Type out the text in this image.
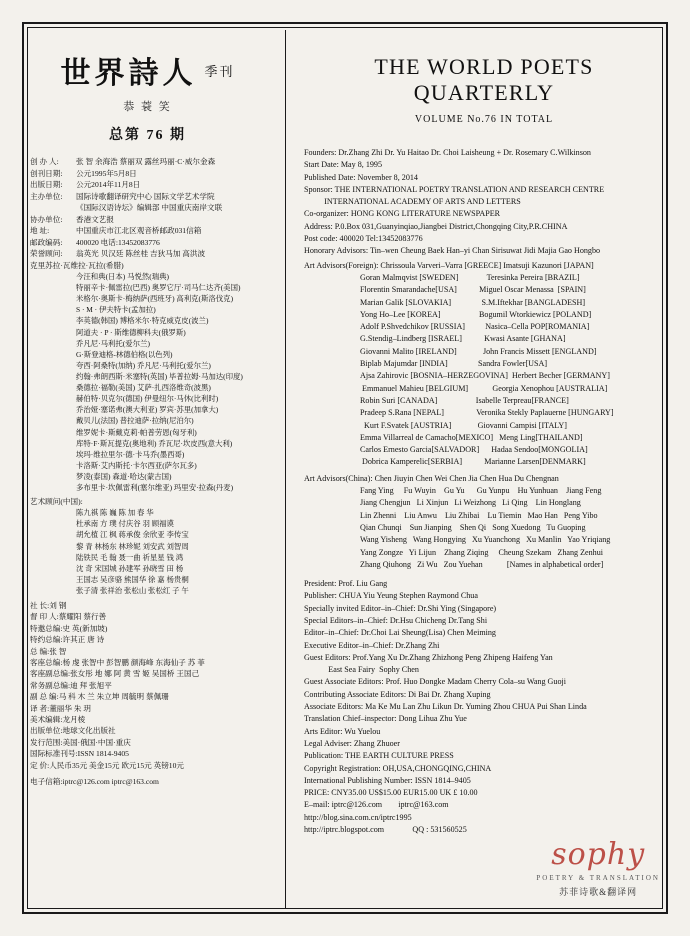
世界詩人 季刊
恭 蓑 笑
总第 76 期
创 办 人:	张 智 余海浩 蔡丽双 露丝玛丽·C·威尔金森
创刊日期:	公元1995年5月8日
出版日期:	公元2014年11月8日
主办单位:	国际诗歌翻译研究中心 国际文学艺术学院
《国际汉语诗坛》编辑部 中国重庆南岸文联
协办单位:	香港文艺报
地 址:	中国重庆市江北区观音桥邮政031信箱
邮政编码:	400020 电话:13452083776
荣誉顾问:	翁英光 贝汉廷 陈丝桂 吉狄马加 高洪波
克里苏拉·瓦维拉·瓦拉(希腊)
今汪和典(日本) 马悦然(瑞典)
特丽辛卡·佩雷拉(巴西) 奥罗它厅·司马仁达齐(美国)
米格尔·奥斯卡·梅纳萨(西班牙) 高利克(斯洛伐克)
S · M · 伊夫特卡(孟加拉)
李英德(韩国) 博格米尔·特克威克皮(波兰)
阿道夫 · P · 斯维德柳科夫(俄罗斯)
乔凡尼·马利托(爱尔兰)
G·斯登迪格-林德伯格(以色列)
夸西·阿桑特(加纳) 乔凡尼·马利托(爱尔兰)
约翰·弗朗西斯·米塞特(英国) 毕普拉姆·马加达(印度)
桑德拉·福勒(美国) 艾萨·扎西洛维奇(波黑)
赫伯特·贝克尔(德国) 伊曼纽尔·马休(比利时)
乔治娅·塞诺弗(澳大利亚) 罗宾·苏里(加拿大)
戴贝儿(法国) 普拉迪萨·拉纳(尼泊尔)
维罗妮卡·斯戴克莉·帕普劳恩(匈牙利)
库特·F·斯瓦提克(奥地利) 乔瓦尼·坎皮西(意大利)
埃玛·维拉里尔·德·卡马乔(墨西哥)
卡洛斯·艾内斯托·卡尔西亚(萨尔瓦多)
梦凌(泰国) 森道·哈达(蒙古国)
多布里卡·坎佩雷利(塞尔维亚) 玛里安·拉森(丹麦)
艺术顾问(中国):
陈九祺 陈 巍 陈 加 春 华
杜承南 方 璞 付庆谷 羽 顾福谟
胡允植 江 枫 蒋承俊 余欣亚 李传宝
黎 青 林杨东 林珍妮 刘安武 刘智周
陆铁民 毛 翰 聂一曲 祈星星 钱 鸿
沈 奇 宋国城 孙建军 孙晓雪 田 杨
王国志 吴彦骆 熊国华 徐 嘉 杨贵桐
张子清 张祥治 张松山 张松红 子 午
社 长:刘 钢
督 印 人:蔡耀阳 蔡行善
特邀总编:史 英(新加坡)
特约总编:许其正 唐 诗
总 编:张 智
客座总编:杨 虔 张智中 彭智鹏 颜海峰 东海仙子 苏 菲
客座副总编:张女彤 地 娜 阿 黄 雪 姬 吴国桥 王国己
常务副总编:迪 拜 张旭平
副 总 编:马 科 木 兰 朱立坤 周毓明 蔡佩珊
译 者:董丽华 朱 玥
美术编辑:龙月棱
出版单位:地球文化出版社
发行范围:美国·俄国·中国·重庆
国际标准刊号:ISSN 1814-9405
定 价:人民币35元 美金15元 欧元15元 英镑10元
电子信箱:iptrc@126.com iptrc@163.com
THE WORLD POETS QUARTERLY
VOLUME No.76 IN TOTAL
Founders: Dr.Zhang Zhi Dr. Yu Haitao Dr. Choi Laisheung + Dr. Rosemary C.Wilkinson
Start Date: May 8, 1995
Published Date: November 8, 2014
Sponsor: THE INTERNATIONAL POETRY TRANSLATION AND RESEARCH CENTRE
INTERNATIONAL ACADEMY OF ARTS AND LETTERS
Co-organizer: HONG KONG LITERATURE NEWSPAPER
Address: P.0.Box 031,Guanyinqiao,Jiangbei District,Chongqing City,P.R.CHINA
Post code: 400020 Tel:13452083776
Honorary Advisors: Tin–wen Cheung Baek Han–yi Chan Sirisuwat Jidi Majia Gao Hongbo
Art Advisors(Foreign): Chrissoula Varveri–Varra [GREECE] Imatsuji Kazunori [JAPAN]
Goran Malmqvist [SWEDEN]              Teresinka Pereira [BRAZIL]
Florentin Smarandache[USA]           Miguel Oscar Menassa  [SPAIN]
Marian Galik [SLOVAKIA]               S.M.Iftekhar [BANGLADESH]
Yong Ho–Lee [KOREA]                   Bogumil Wtorkiewicz [POLAND]
Adolf P.Shvedchikov [RUSSIA]          Nasica–Cella POP[ROMANIA]
G.Stendig–Lindberg [ISRAEL]           Kwasi Asante [GHANA]
Giovanni Malito [IRELAND]             John Francis Missett [ENGLAND]
Biplab Majumdar [INDIA]               Sandra Fowler[USA]
Ajsa Zahirovic [BOSNIA–HERZEGOVINA]  Herbert Becher [GERMANY]
Emmanuel Mahieu [BELGIUM]            Georgia Xenophou [AUSTRALIA]
Robin Suri [CANADA]                   Isabelle Terpreau[FRANCE]
Pradeep S.Rana [NEPAL]                Veronika Stekly Paplauerne [HUNGARY]
Kurt F.Svatek [AUSTRIA]             Giovanni Campisi [ITALY]
Emma Villarreal de Camacho[MEXICO]   Meng Ling[THAILAND]
Carlos Ernesto Garcia[SALVADOR]      Hadaa Sendoo[MONGOLIA]
Dobrica Kamperelic[SERBIA]           Marianne Larsen[DENMARK]
Art Advisors(China): Chen Jiuyin Chen Wei Chen Jia Chen Hua Du Chengnan
Fang Ying     Fu Wuyin    Gu Yu      Gu Yunpu    Hu Yunhuan    Jiang Feng
Jiang Chengjun   Li Xinjun   Li Weizhong   Li Qing    Lin Honglang
Lin Zhenni    Liu Anwu    Liu Zhibai    Lu Tiemin   Mao Han   Peng Yibo
Qian Chunqi    Sun Jianping    Shen Qi   Song Xuedong   Tu Guoping
Wang Yisheng   Wang Hongying   Xu Yuanchong   Xu Manlin   Yao Yriqiang
Yang Zongze   Yi Lijun    Zhang Ziqing     Cheung Szekam   Zhang Zenhui
Zhang Qiuhong   Zi Wu   Zou Yuehan            [Names in alphabetical order]
President: Prof. Liu Gang
Publisher: CHUA Yiu Yeung Stephen Raymond Chua
Specially invited Editor–in–Chief: Dr.Shi Ying (Singapore)
Special Editors–in–Chief: Dr.Hsu Chicheng Dr.Tang Shi
Editor–in–Chief: Dr.Choi Lai Sheung(Lisa) Chen Meiming
Executive Editor–in–Chief: Dr.Zhang Zhi
Guest Editors: Prof.Yang Xu Dr.Zhang Zhizhong Peng Zhipeng Haifeng Yan
East Sea Fairy  Sophy Chen
Guest Associate Editors: Prof. Huo Dongke Madam Cherry Cola–su Wang Guoji
Contributing Associate Editors: Di Bai Dr. Zhang Xuping
Associate Editors: Ma Ke Mu Lan Zhu Likun Dr. Yuming Zhou CHUA Pui Shan Linda
Translation Chief–inspector: Dong Lihua Zhu Yue
Arts Editor: Wu Yuelou
Legal Adviser: Zhang Zhuoer
Publication: THE EARTH CULTURE PRESS
Copyright Registration: OH,USA,CHONGQING,CHINA
International Publishing Number: ISSN 1814–9405
PRICE: CNY35.00 US$15.00 EUR15.00 UK £ 10.00
E–mail: iptrc@126.com        iptrc@163.com
http://blog.sina.com.cn/iptrc1995
http://iptrc.blogspot.com              QQ : 531560525
sophy
POETRY & TRANSLATION
苏菲诗歌&翻译网
